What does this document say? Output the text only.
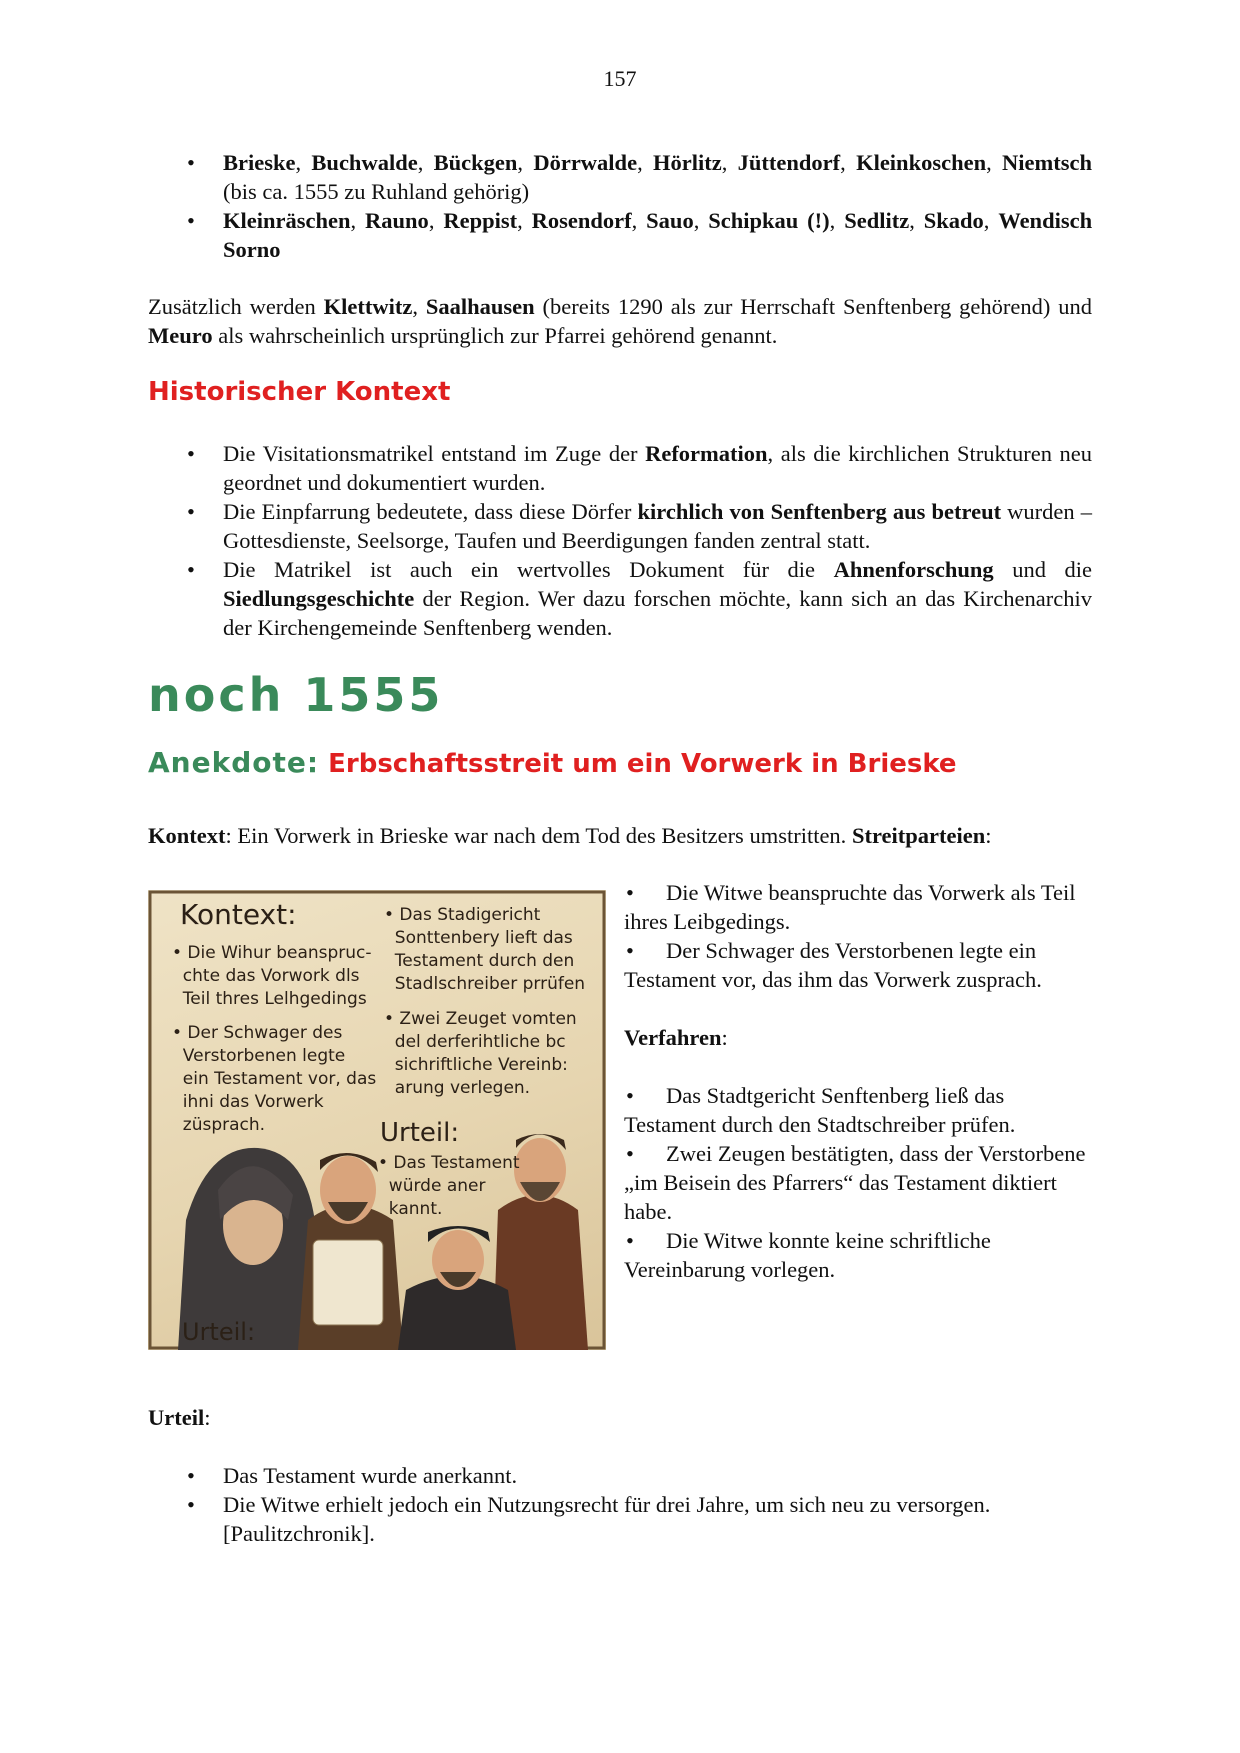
157
• Brieske, Buchwalde, Bückgen, Dörrwalde, Hörlitz, Jüttendorf, Kleinkoschen, Niemtsch (bis ca. 1555 zu Ruhland gehörig)
• Kleinräschen, Rauno, Reppist, Rosendorf, Sauo, Schipkau (!), Sedlitz, Skado, Wendisch Sorno

Zusätzlich werden Klettwitz, Saalhausen (bereits 1290 als zur Herrschaft Senftenberg gehörend) und Meuro als wahrscheinlich ursprünglich zur Pfarrei gehörend genannt.

Historischer Kontext
• Die Visitationsmatrikel entstand im Zuge der Reformation, als die kirchlichen Strukturen neu geordnet und dokumentiert wurden.
• Die Einpfarrung bedeutete, dass diese Dörfer kirchlich von Senftenberg aus betreut wurden – Gottesdienste, Seelsorge, Taufen und Beerdigungen fanden zentral statt.
• Die Matrikel ist auch ein wertvolles Dokument für die Ahnenforschung und die Siedlungsgeschichte der Region. Wer dazu forschen möchte, kann sich an das Kirchenarchiv der Kirchengemeinde Senftenberg wenden.
noch 1555
Anekdote: Erbschaftsstreit um ein Vorwerk in Brieske

Kontext: Ein Vorwerk in Brieske war nach dem Tod des Besitzers umstritten. Streitparteien:

Kontext:
• Die Wihur beanspruc-
chte das Vorwork dls
Teil thres Lelhgedings
• Der Schwager des
Verstorbenen legte
ein Testament vor, das
ihni das Vorwerk
züsprach.
• Das Stadigericht
Sonttenbery lieft das
Testament durch den
Stadlschreiber prrüfen
• Zwei Zeuget vomten
del derferihtliche bc
sichriftliche Vereinb:
arung verlegen.
Urteil:
• Das Testament
würde aner
kannt.
Urteil:
• Die Witwe beanspruchte das Vorwerk als Teil ihres Leibgedings.
• Der Schwager des Verstorbenen legte ein Testament vor, das ihm das Vorwerk zusprach.
Verfahren:
• Das Stadtgericht Senftenberg ließ das Testament durch den Stadtschreiber prüfen.
• Zwei Zeugen bestätigten, dass der Verstorbene „im Beisein des Pfarrers“ das Testament diktiert habe.
• Die Witwe konnte keine schriftliche Vereinbarung vorlegen.

Urteil:

• Das Testament wurde anerkannt.
• Die Witwe erhielt jedoch ein Nutzungsrecht für drei Jahre, um sich neu zu versorgen. [Paulitzchronik].
